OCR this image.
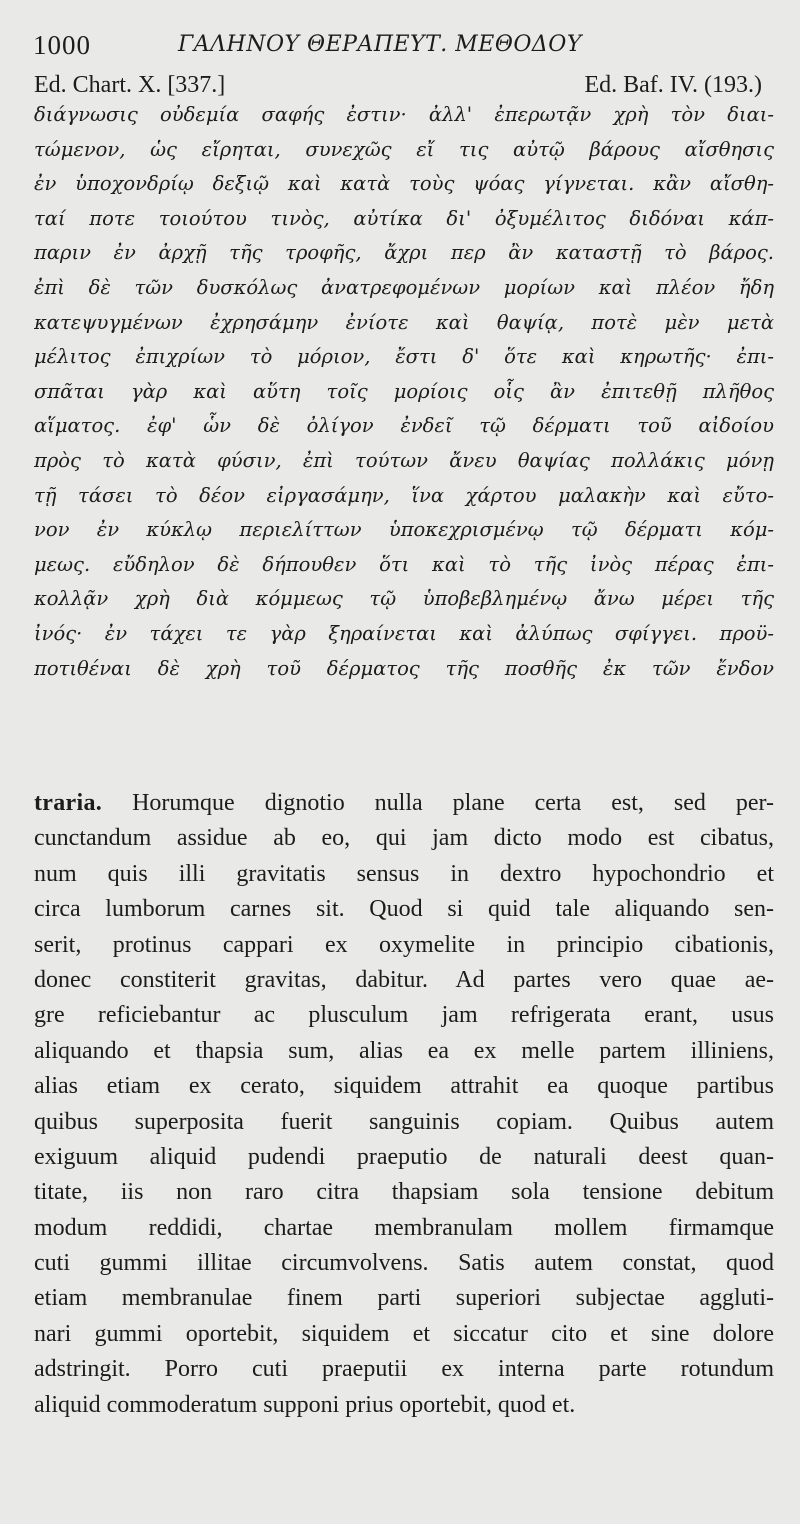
1000	ΓΑΛΗΝΟΥ ΘΕΡΑΠΕΥΤ. ΜΕΘΟΔΟΥ
Ed. Chart. X. [337.]	Ed. Baf. IV. (193.)
διάγνωσις οὐδεμία σαφής ἐστιν· ἀλλ' ἐπερωτᾷν χρὴ τὸν διαι-
τώμενον, ὡς εἴρηται, συνεχῶς εἴ τις αὐτῷ βάρους αἴσθησις
ἐν ὑποχονδρίῳ δεξιῷ καὶ κατὰ τοὺς ψόας γίγνεται. κἂν αἴσθη-
ταί ποτε τοιούτου τινὸς, αὐτίκα δι' ὀξυμέλιτος διδόναι κάπ-
παριν ἐν ἀρχῇ τῆς τροφῆς, ἄχρι περ ἂν καταστῇ τὸ βάρος.
ἐπὶ δὲ τῶν δυσκόλως ἀνατρεφομένων μορίων καὶ πλέον ἤδη
κατεψυγμένων ἐχρησάμην ἐνίοτε καὶ θαψίᾳ, ποτὲ μὲν μετὰ
μέλιτος ἐπιχρίων τὸ μόριον, ἔστι δ' ὅτε καὶ κηρωτῆς· ἐπι-
σπᾶται γὰρ καὶ αὕτη τοῖς μορίοις οἷς ἂν ἐπιτεθῇ πλῆθος
αἵματος. ἐφ' ὧν δὲ ὀλίγον ἐνδεῖ τῷ δέρματι τοῦ αἰδοίου
πρὸς τὸ κατὰ φύσιν, ἐπὶ τούτων ἄνευ θαψίας πολλάκις μόνῃ
τῇ τάσει τὸ δέον εἰργασάμην, ἵνα χάρτου μαλακὴν καὶ εὔτο-
νον ἐν κύκλῳ περιελίττων ὑποκεχρισμένῳ τῷ δέρματι κόμ-
μεως. εὔδηλον δὲ δήπουθεν ὅτι καὶ τὸ τῆς ἰνὸς πέρας ἐπι-
κολλᾷν χρὴ διὰ κόμμεως τῷ ὑποβεβλημένῳ ἄνω μέρει τῆς
ἰνός· ἐν τάχει τε γὰρ ξηραίνεται καὶ ἀλύπως σφίγγει. προϋ-
ποτιθέναι δὲ χρὴ τοῦ δέρματος τῆς ποσθῆς ἐκ τῶν ἔνδον
traria. Horumque dignotio nulla plane certa est, sed per-
cunctandum assidue ab eo, qui jam dicto modo est cibatus,
num quis illi gravitatis sensus in dextro hypochondrio et
circa lumborum carnes sit. Quod si quid tale aliquando sen-
serit, protinus cappari ex oxymelite in principio cibationis,
donec constiterit gravitas, dabitur. Ad partes vero quae ae-
gre reficiebantur ac plusculum jam refrigerata erant, usus
aliquando et thapsia sum, alias ea ex melle partem illiniens,
alias etiam ex cerato, siquidem attrahit ea quoque partibus
quibus superposita fuerit sanguinis copiam. Quibus autem
exiguum aliquid pudendi praeputio de naturali deest quan-
titate, iis non raro citra thapsiam sola tensione debitum
modum reddidi, chartae membranulam mollem firmamque
cuti gummi illitae circumvolvens. Satis autem constat, quod
etiam membranulae finem parti superiori subjectae aggluti-
nari gummi oportebit, siquidem et siccatur cito et sine dolore
adstringit. Porro cuti praeputii ex interna parte rotundum
aliquid commoderatum supponi prius oportebit, quod et.
